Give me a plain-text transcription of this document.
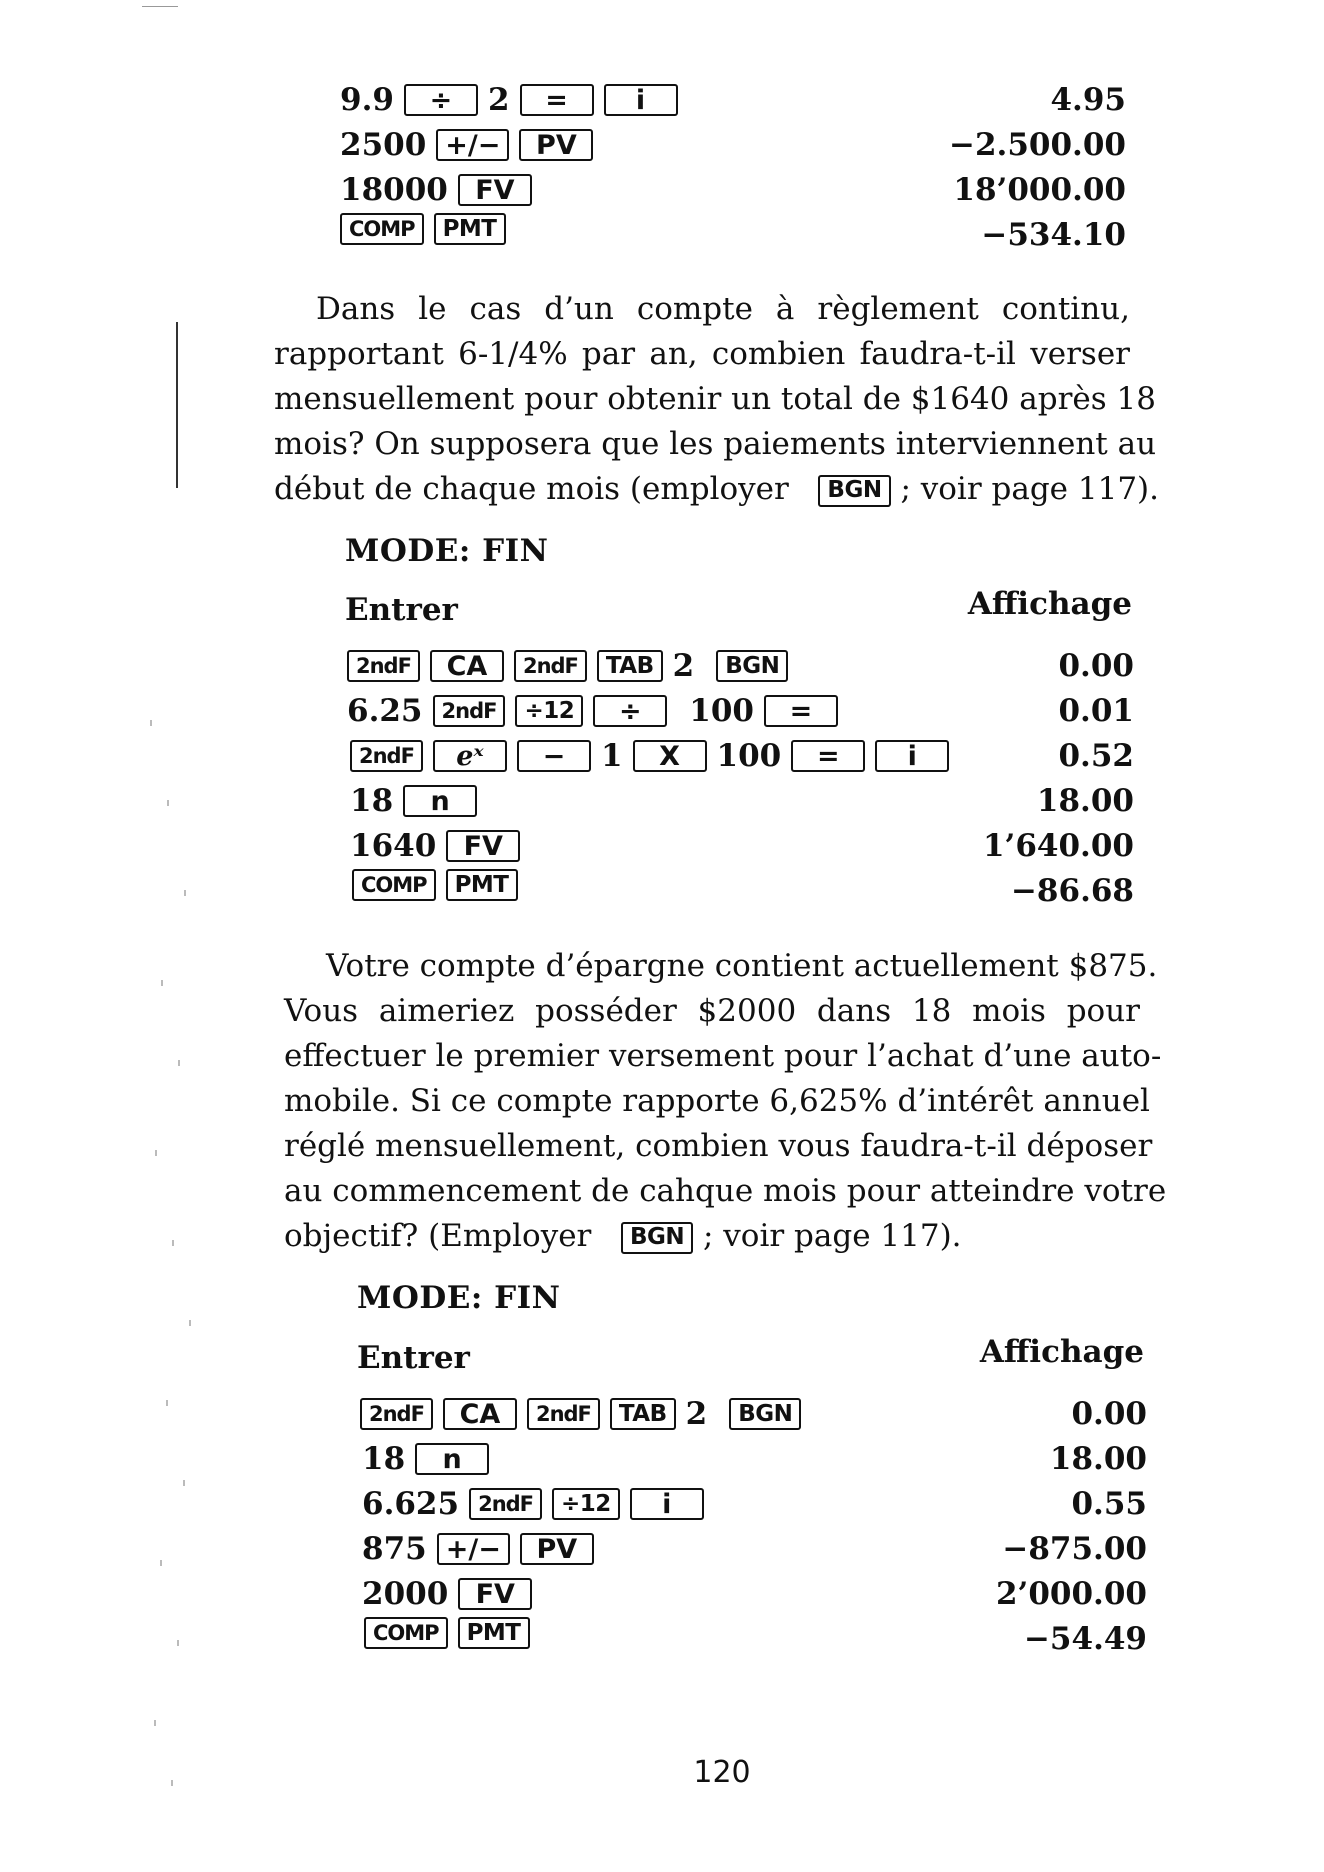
9.9	÷	2	=	i	4.95
2500 +/−	PV	−2.500.00
18000	FV	18’000.00
COMP	PMT	−534.10
Dans le cas d’un compte à règlement continu,
rapportant 6-1/4% par an, combien faudra-t-il verser
mensuellement pour obtenir un total de $1640 après 18
mois? On supposera que les paiements interviennent au
début de chaque mois (employer BGN ; voir page 117).
MODE: FIN
Entrer	Affichage
2ndF	CA	2ndF	TAB 2	BGN	0.00
6.25 2ndF	÷12	÷	100	=	0.01
2ndF	eˣ	−	1	X	100	=	i	0.52
18	n	18.00
1640	FV	1’640.00
COMP	PMT	−86.68
Votre compte d’épargne contient actuellement $875.
Vous aimeriez posséder $2000 dans 18 mois pour
effectuer le premier versement pour l’achat d’une auto-
mobile. Si ce compte rapporte 6,625% d’intérêt annuel
réglé mensuellement, combien vous faudra-t-il déposer
au commencement de cahque mois pour atteindre votre
objectif? (Employer BGN ; voir page 117).
MODE: FIN
Entrer	Affichage
2ndF	CA	2ndF	TAB 2	BGN	0.00
18	n	18.00
6.625 2ndF	÷12	i	0.55
875 +/−	PV	−875.00
2000	FV	2’000.00
COMP	PMT	−54.49
120
